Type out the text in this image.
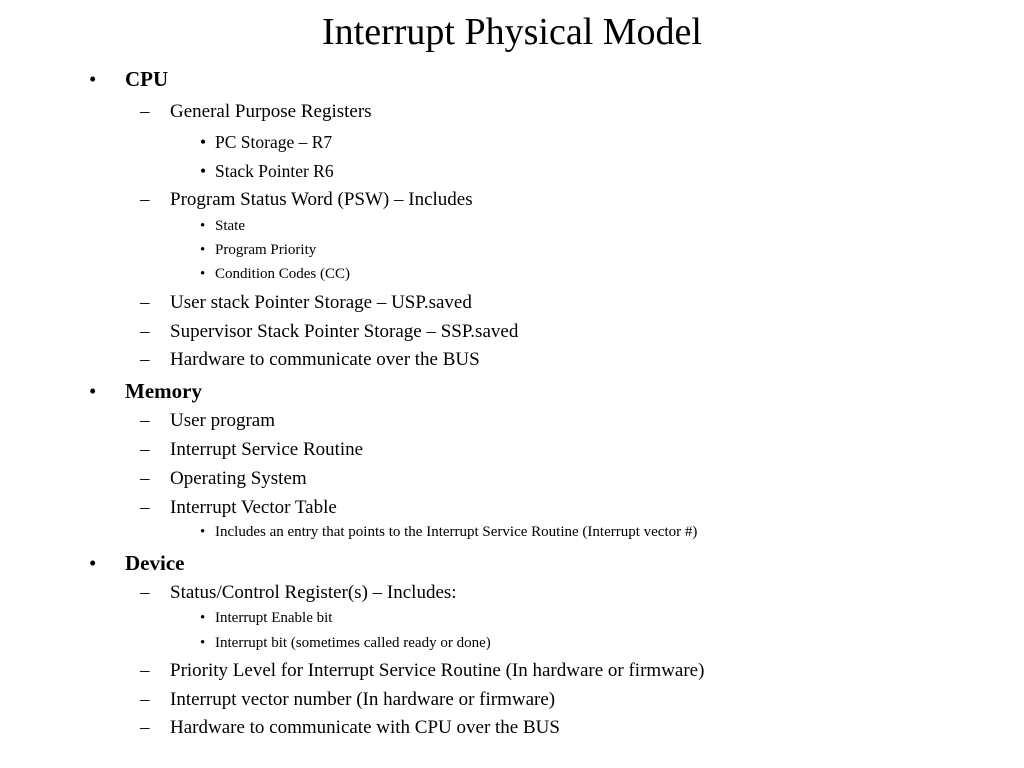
Interrupt Physical Model
• CPU
– General Purpose Registers
• PC Storage – R7
• Stack Pointer R6
– Program Status Word (PSW) – Includes
• State
• Program Priority
• Condition Codes (CC)
– User stack Pointer Storage – USP.saved
– Supervisor Stack Pointer Storage – SSP.saved
– Hardware to communicate over the BUS
• Memory
– User program
– Interrupt Service Routine
– Operating System
– Interrupt Vector Table
• Includes an entry that points to the Interrupt Service Routine (Interrupt vector #)
• Device
– Status/Control Register(s) – Includes:
• Interrupt Enable bit
• Interrupt bit (sometimes called ready or done)
– Priority Level for Interrupt Service Routine (In hardware or firmware)
– Interrupt vector number (In hardware or firmware)
– Hardware to communicate with CPU over the BUS
